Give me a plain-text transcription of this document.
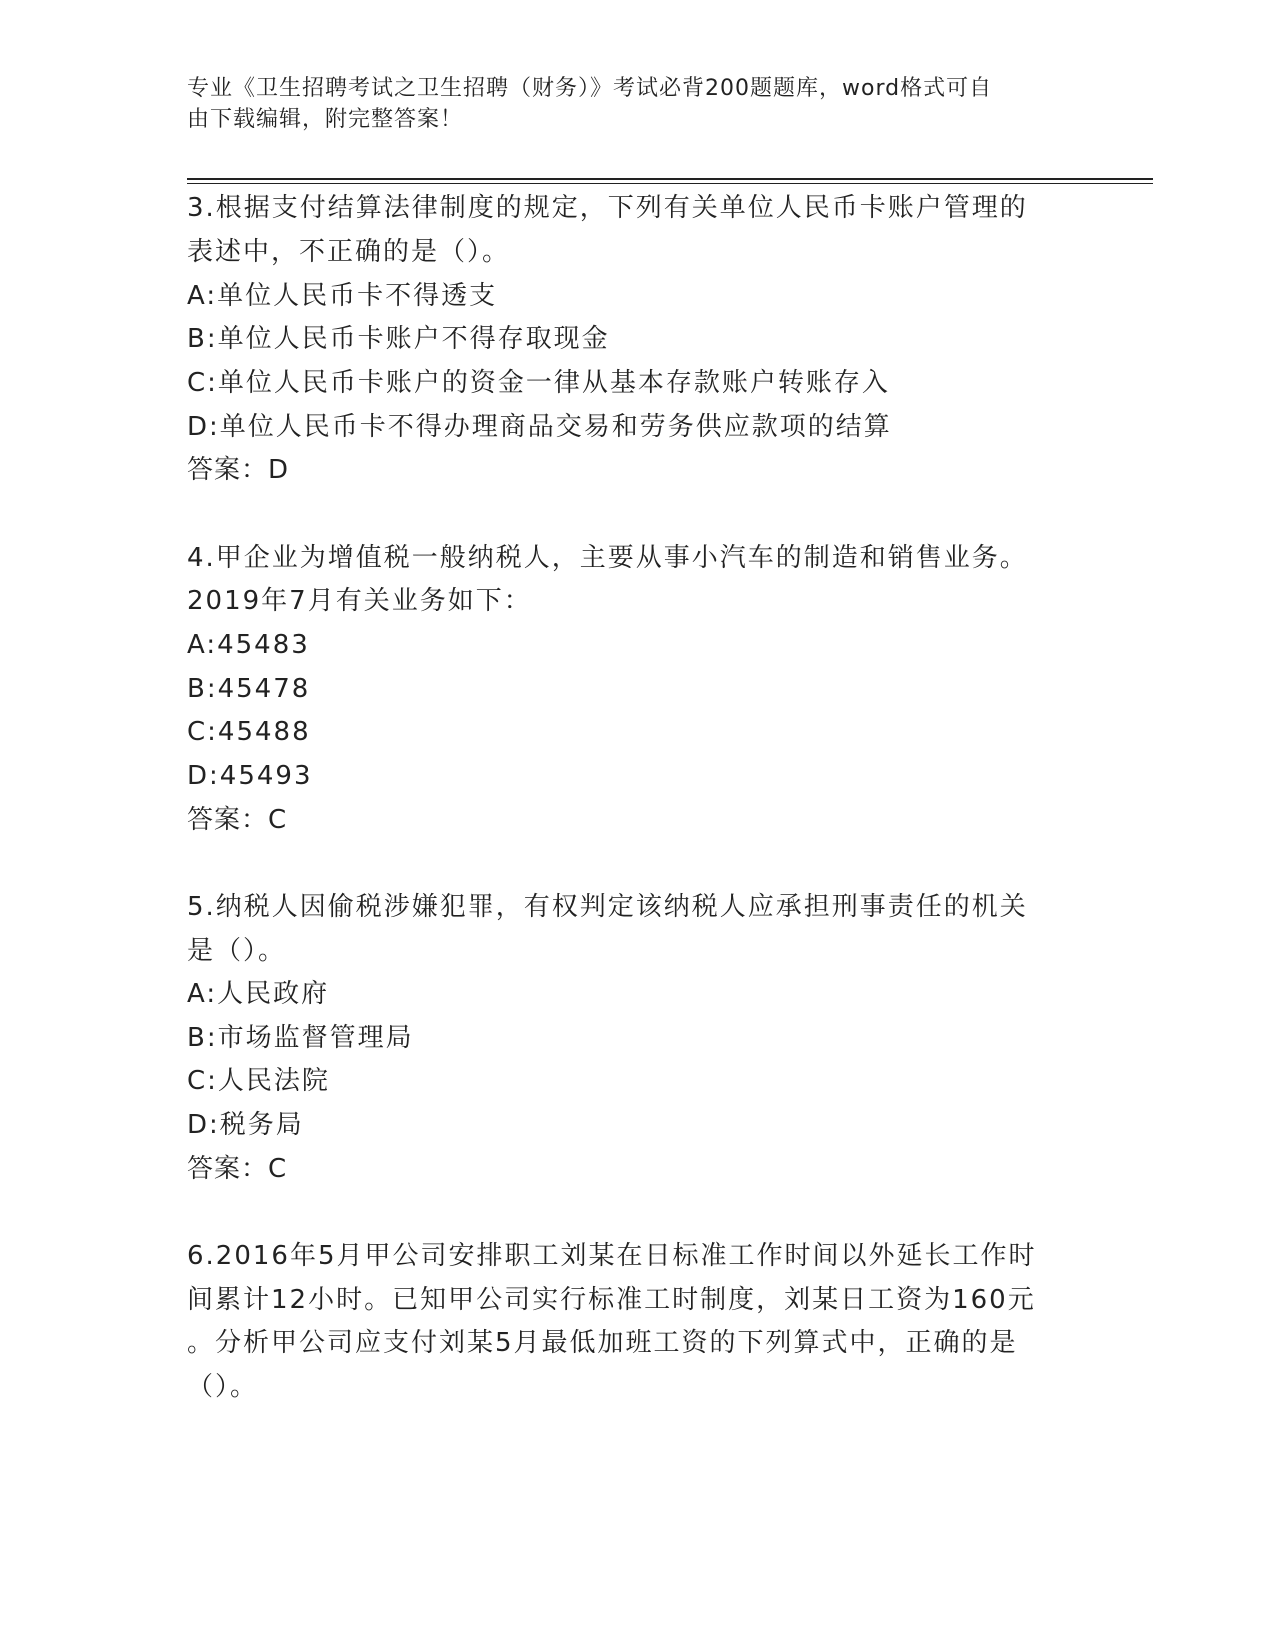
专业《卫生招聘考试之卫生招聘（财务）》考试必背200题题库，word格式可自
由下载编辑，附完整答案！
3.根据支付结算法律制度的规定，下列有关单位人民币卡账户管理的
表述中，不正确的是（）。
A:单位人民币卡不得透支
B:单位人民币卡账户不得存取现金
C:单位人民币卡账户的资金一律从基本存款账户转账存入
D:单位人民币卡不得办理商品交易和劳务供应款项的结算
答案：D
4.甲企业为增值税一般纳税人，主要从事小汽车的制造和销售业务。
2019年7月有关业务如下：
A:45483
B:45478
C:45488
D:45493
答案：C
5.纳税人因偷税涉嫌犯罪，有权判定该纳税人应承担刑事责任的机关
是（）。
A:人民政府
B:市场监督管理局
C:人民法院
D:税务局
答案：C
6.2016年5月甲公司安排职工刘某在日标准工作时间以外延长工作时
间累计12小时。已知甲公司实行标准工时制度，刘某日工资为160元
。分析甲公司应支付刘某5月最低加班工资的下列算式中，正确的是
（）。
